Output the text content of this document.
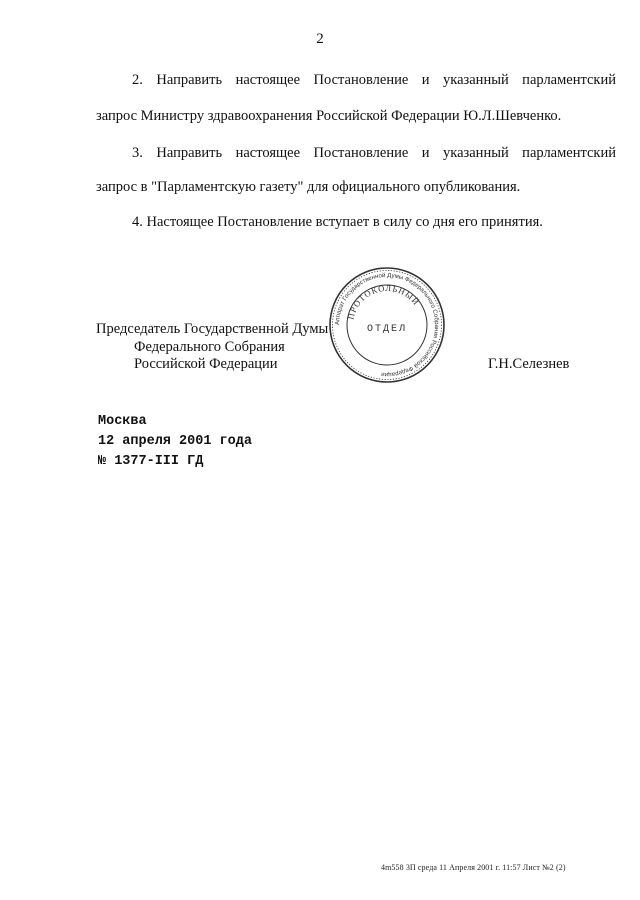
2
2. Направить настоящее Постановление и указанный парламентский
запрос Министру здравоохранения Российской Федерации Ю.Л.Шевченко.
3. Направить настоящее Постановление и указанный парламентский
запрос в "Парламентскую газету" для официального опубликования.
4. Настоящее Постановление вступает в силу со дня его принятия.
Председатель Государственной Думы
Федерального Собрания
Российской Федерации	Г.Н.Селезнев
Аппарат Государственной Думы Федерального Собрания Российской Федерации
ПРОТОКОЛЬНЫЙ
ОТДЕЛ
Москва
12 апреля 2001 года
№ 1377-III ГД
4m558 3П среда 11 Апреля 2001 г. 11:57 Лист №2 (2)
